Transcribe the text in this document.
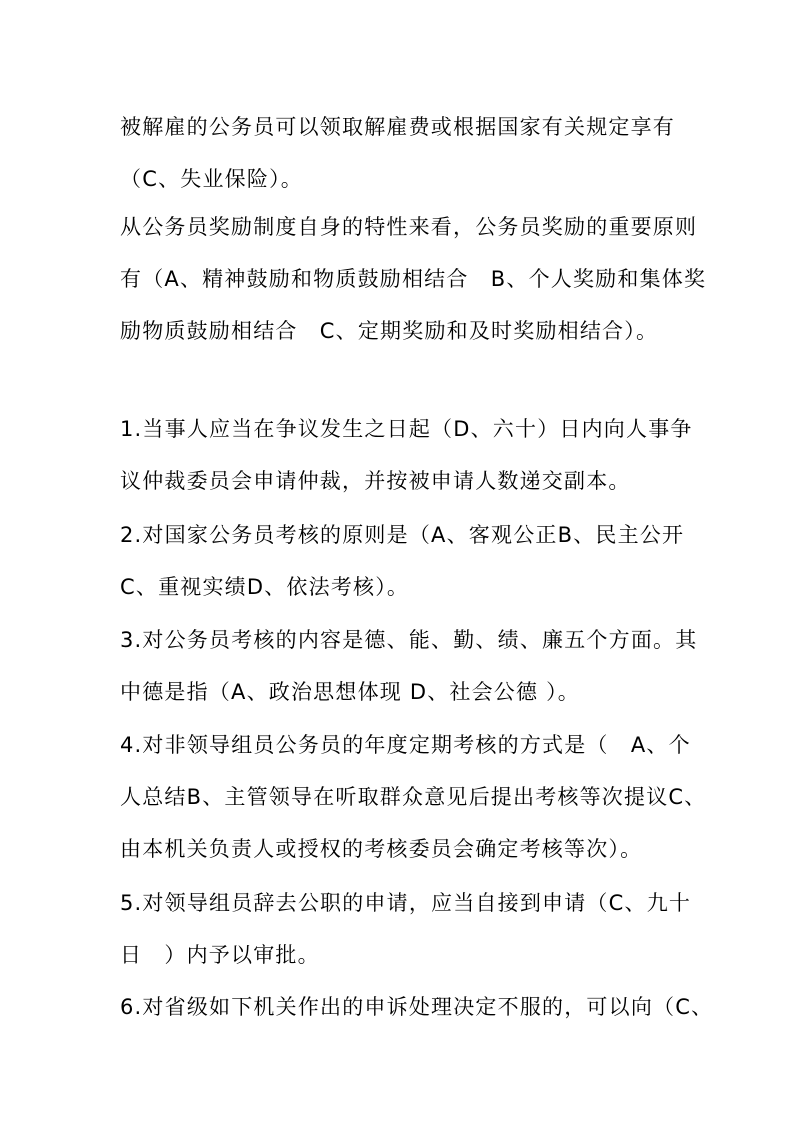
被解雇的公务员可以领取解雇费或根据国家有关规定享有
（C、失业保险）。

从公务员奖励制度自身的特性来看，公务员奖励的重要原则
有（A、精神鼓励和物质鼓励相结合　B、个人奖励和集体奖
励物质鼓励相结合　C、定期奖励和及时奖励相结合）。

1.当事人应当在争议发生之日起（D、六十）日内向人事争
议仲裁委员会申请仲裁，并按被申请人数递交副本。

2.对国家公务员考核的原则是（A、客观公正B、民主公开
C、重视实绩D、依法考核）。

3.对公务员考核的内容是德、能、勤、绩、廉五个方面。其
中德是指（A、政治思想体现 D、社会公德 ）。

4.对非领导组员公务员的年度定期考核的方式是（　A、个
人总结B、主管领导在听取群众意见后提出考核等次提议C、
由本机关负责人或授权的考核委员会确定考核等次）。

5.对领导组员辞去公职的申请，应当自接到申请（C、九十
日　）内予以审批。

6.对省级如下机关作出的申诉处理决定不服的，可以向（C、
